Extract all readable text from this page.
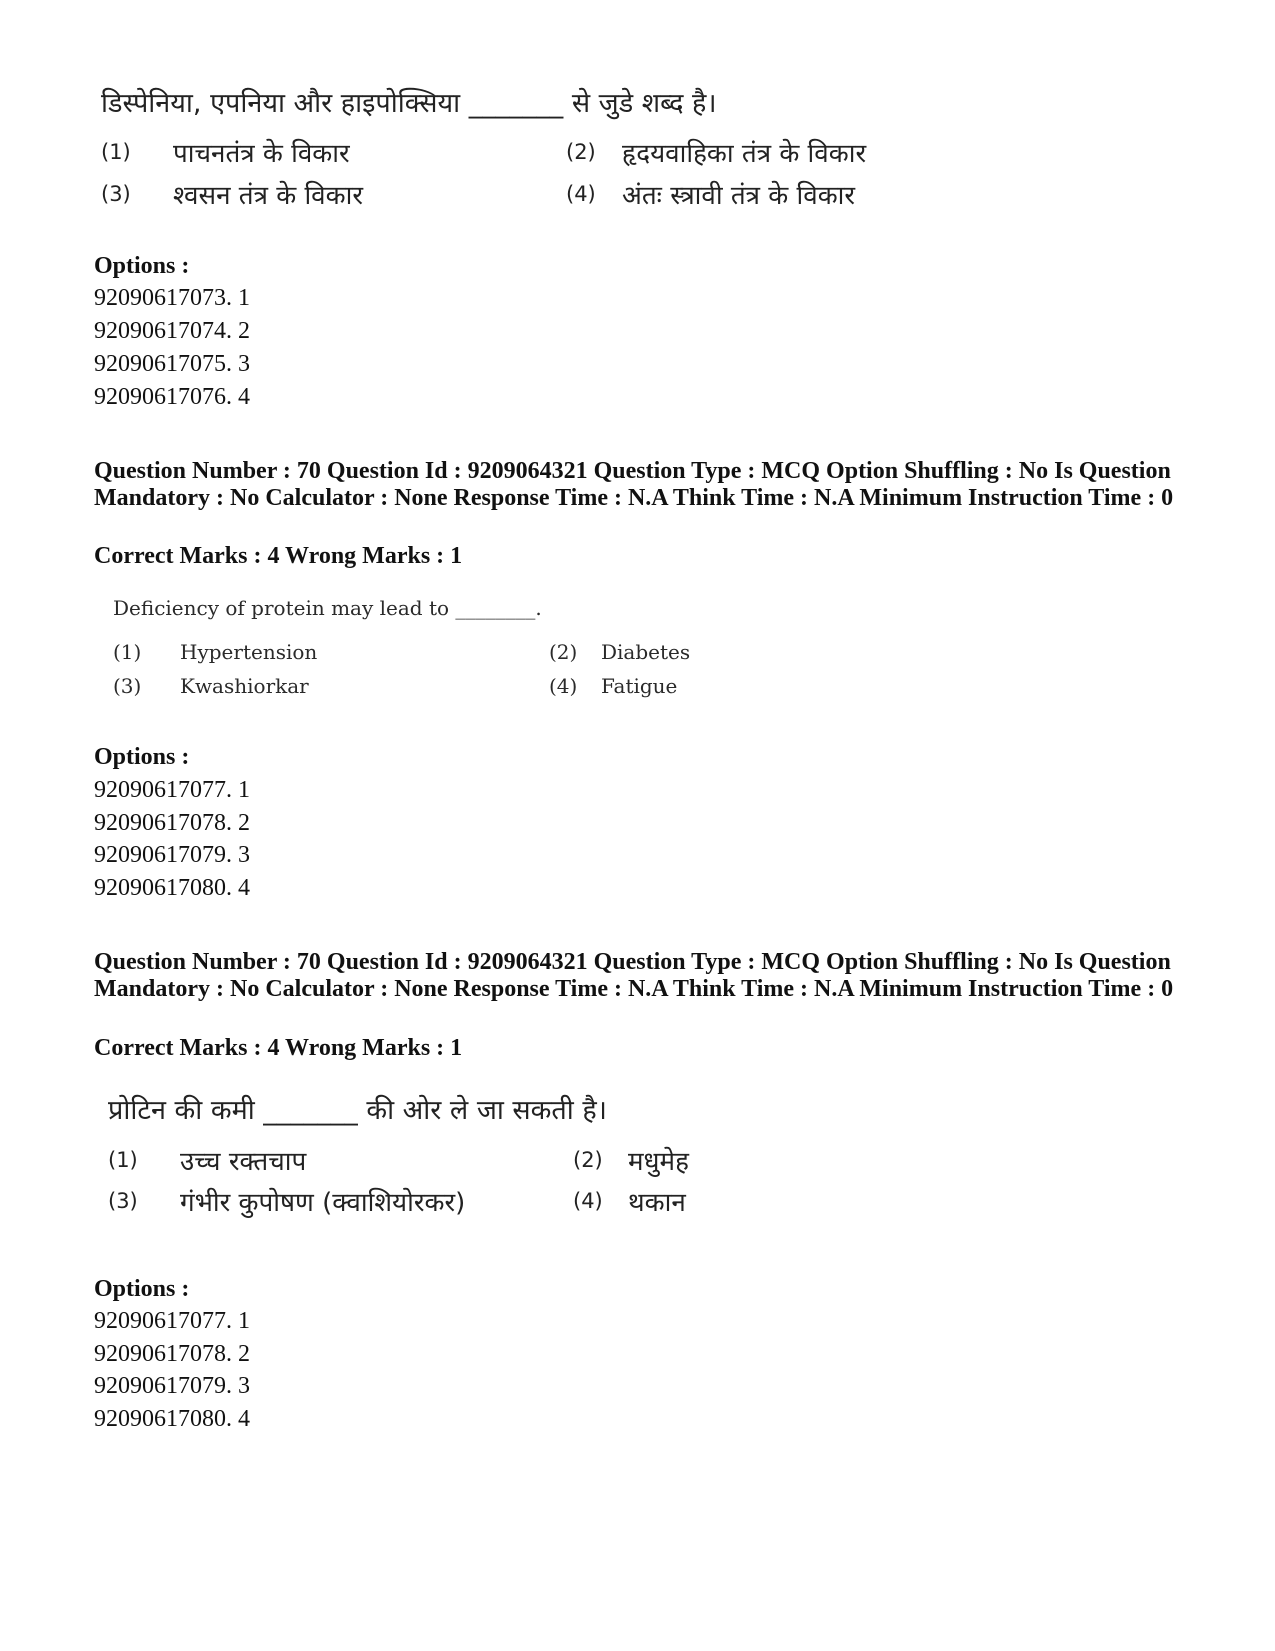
डिस्पेनिया, एपनिया और हाइपोक्सिया _______ से जुडे शब्द है।
(1) पाचनतंत्र के विकार	(2) हृदयवाहिका तंत्र के विकार
(3) श्वसन तंत्र के विकार	(4) अंतः स्त्रावी तंत्र के विकार
Options :
92090617073. 1
92090617074. 2
92090617075. 3
92090617076. 4
Question Number : 70 Question Id : 9209064321 Question Type : MCQ Option Shuffling : No Is Question Mandatory : No Calculator : None Response Time : N.A Think Time : N.A Minimum Instruction Time : 0
Correct Marks : 4 Wrong Marks : 1
Deficiency of protein may lead to ________.
(1) Hypertension	(2) Diabetes
(3) Kwashiorkar	(4) Fatigue
Options :
92090617077. 1
92090617078. 2
92090617079. 3
92090617080. 4
Question Number : 70 Question Id : 9209064321 Question Type : MCQ Option Shuffling : No Is Question Mandatory : No Calculator : None Response Time : N.A Think Time : N.A Minimum Instruction Time : 0
Correct Marks : 4 Wrong Marks : 1
प्रोटिन की कमी _______ की ओर ले जा सकती है।
(1) उच्च रक्तचाप	(2) मधुमेह
(3) गंभीर कुपोषण (क्वाशियोरकर)	(4) थकान
Options :
92090617077. 1
92090617078. 2
92090617079. 3
92090617080. 4
